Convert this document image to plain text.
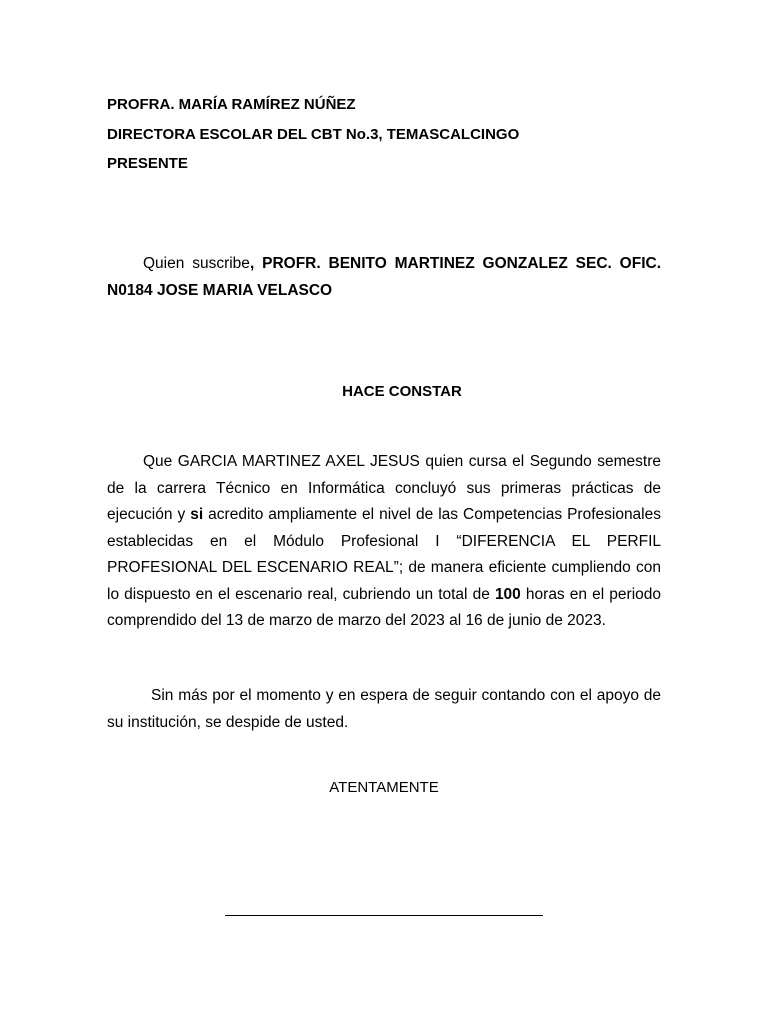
PROFRA. MARÍA RAMÍREZ NÚÑEZ
DIRECTORA ESCOLAR DEL CBT No.3, TEMASCALCINGO
PRESENTE
Quien suscribe, PROFR. BENITO MARTINEZ GONZALEZ SEC. OFIC. N0184 JOSE MARIA VELASCO
HACE CONSTAR
Que GARCIA MARTINEZ AXEL JESUS quien cursa el Segundo semestre de la carrera Técnico en Informática concluyó sus primeras prácticas de ejecución y si acredito ampliamente el nivel de las Competencias Profesionales establecidas en el Módulo Profesional I “DIFERENCIA EL PERFIL PROFESIONAL DEL ESCENARIO REAL”; de manera eficiente cumpliendo con lo dispuesto en el escenario real, cubriendo un total de 100 horas en el periodo comprendido del 13 de marzo de marzo del 2023 al 16 de junio de 2023.
Sin más por el momento y en espera de seguir contando con el apoyo de su institución, se despide de usted.
ATENTAMENTE
